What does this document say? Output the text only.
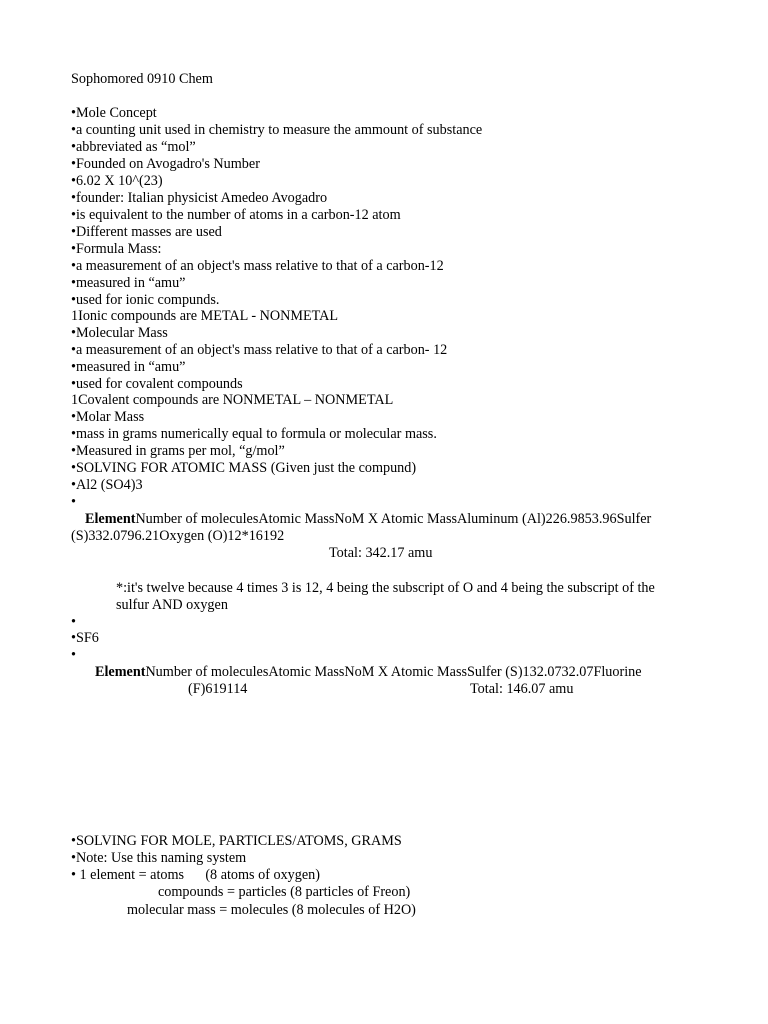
Sophomored 0910 Chem
•Mole Concept
•a counting unit used in chemistry to measure the ammount of substance
•abbreviated as “mol”
•Founded on Avogadro's Number
•6.02 X 10^(23)
•founder: Italian physicist Amedeo Avogadro
•is equivalent to the number of atoms in a carbon-12 atom
•Different masses are used
•Formula Mass:
•a measurement of an object's mass relative to that of a carbon-12
•measured in “amu”
•used for ionic compunds.
1Ionic compounds are METAL - NONMETAL
•Molecular Mass
•a measurement of an object's mass relative to that of a carbon- 12
•measured in “amu”
•used for covalent compounds
1Covalent compounds are NONMETAL – NONMETAL
•Molar Mass
•mass in grams numerically equal to formula or molecular mass.
•Measured in grams per mol, “g/mol”
•SOLVING FOR ATOMIC MASS (Given just the compund)
•Al2 (SO4)3
•
ElementNumber of moleculesAtomic MassNoM X Atomic MassAluminum (Al)226.9853.96Sulfer
(S)332.0796.21Oxygen (O)12*16192
Total: 342.17 amu
*:it's twelve because 4 times 3 is 12, 4 being the subscript of O and 4 being the subscript of the
sulfur AND oxygen
•
•SF6
•
ElementNumber of moleculesAtomic MassNoM X Atomic MassSulfer (S)132.0732.07Fluorine
(F)619114	Total: 146.07 amu
•SOLVING FOR MOLE, PARTICLES/ATOMS, GRAMS
•Note: Use this naming system
• 1 element = atoms      (8 atoms of oxygen)
compounds = particles (8 particles of Freon)
molecular mass = molecules (8 molecules of H2O)
